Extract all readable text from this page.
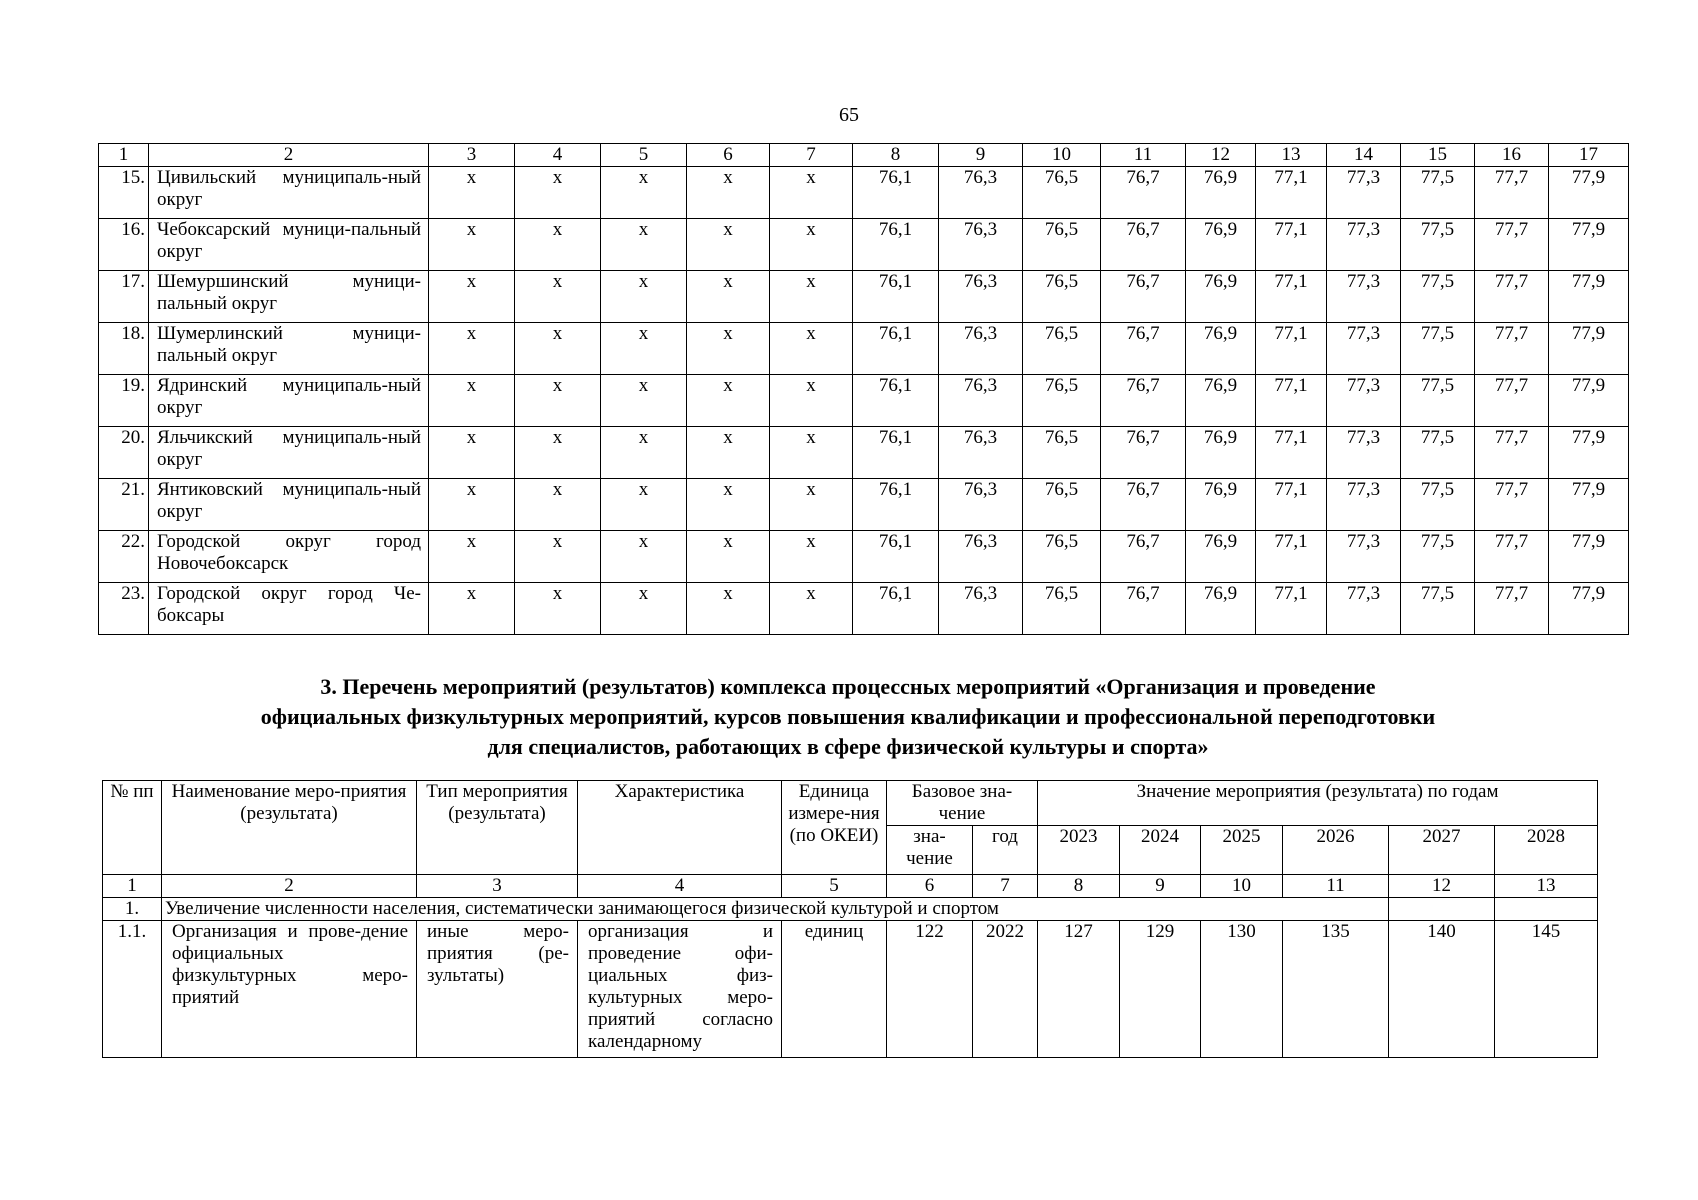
65
1	2	3	4	5	6	7	8	9	10	11	12	13	14	15	16	17
15.	Цивильский муниципаль-ный округ	х	х	х	х	х	76,1	76,3	76,5	76,7	76,9	77,1	77,3	77,5	77,7	77,9
16.	Чебоксарский муници-пальный округ	х	х	х	х	х	76,1	76,3	76,5	76,7	76,9	77,1	77,3	77,5	77,7	77,9
17.	Шемуршинский муници-пальный округ	х	х	х	х	х	76,1	76,3	76,5	76,7	76,9	77,1	77,3	77,5	77,7	77,9
18.	Шумерлинский муници-пальный округ	х	х	х	х	х	76,1	76,3	76,5	76,7	76,9	77,1	77,3	77,5	77,7	77,9
19.	Ядринский муниципаль-ный округ	х	х	х	х	х	76,1	76,3	76,5	76,7	76,9	77,1	77,3	77,5	77,7	77,9
20.	Яльчикский муниципаль-ный округ	х	х	х	х	х	76,1	76,3	76,5	76,7	76,9	77,1	77,3	77,5	77,7	77,9
21.	Янтиковский муниципаль-ный округ	х	х	х	х	х	76,1	76,3	76,5	76,7	76,9	77,1	77,3	77,5	77,7	77,9
22.	Городской округ город Новочебоксарск	х	х	х	х	х	76,1	76,3	76,5	76,7	76,9	77,1	77,3	77,5	77,7	77,9
23.	Городской округ город Че-боксары	х	х	х	х	х	76,1	76,3	76,5	76,7	76,9	77,1	77,3	77,5	77,7	77,9
3. Перечень мероприятий (результатов) комплекса процессных мероприятий «Организация и проведение
официальных физкультурных мероприятий, курсов повышения квалификации и профессиональной переподготовки
для специалистов, работающих в сфере физической культуры и спорта»
№ пп	Наименование меро-приятия (результата)	Тип мероприятия (результата)	Характеристика	Единица измере-ния (по ОКЕИ)	Базовое зна-чение		Значение мероприятия (результата) по годам					
					зна-чение	год	2023	2024	2025	2026	2027	2028
1	2	3	4	5	6	7	8	9	10	11	12	13
1.	Увеличение численности населения, систематически занимающегося физической культурой и спортом											
1.1.	Организация и прове-дение официальных физкультурных меро-приятий	иные меро-приятия (ре-зультаты)	организация и проведение офи-циальных физ-культурных меро-приятий согласно календарному	единиц	122	2022	127	129	130	135	140	145
